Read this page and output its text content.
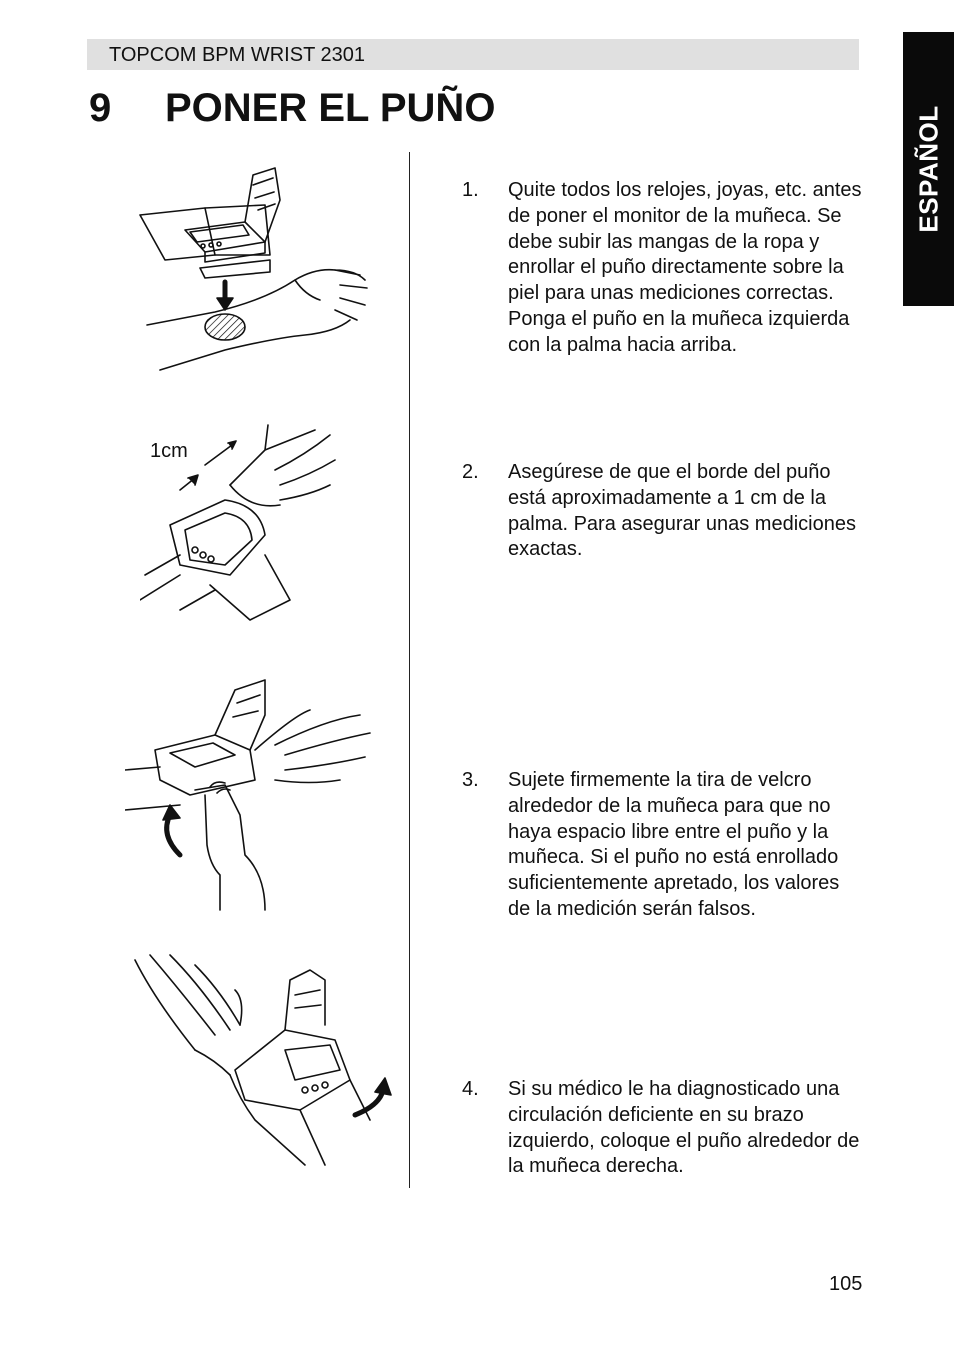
TOPCOM BPM WRIST 2301
ESPAÑOL
9 PONER EL PUÑO
1cm
1. Quite todos los relojes, joyas, etc. antes de poner el monitor de la muñeca. Se debe subir las mangas de la ropa y enrollar el puño directamente sobre la piel para unas mediciones correctas. Ponga el puño en la muñeca izquierda con la palma hacia arriba.
2. Asegúrese de que el borde del puño está aproximadamente a 1 cm de la palma. Para asegurar unas mediciones exactas.
3. Sujete firmemente la tira de velcro alrededor de la muñeca para que no haya espacio libre entre el puño y la muñeca. Si el puño no está enrollado suficientemente apretado, los valores de la medición serán falsos.
4. Si su médico le ha diagnosticado una circulación deficiente en su brazo izquierdo, coloque el puño alrededor de la muñeca derecha.
105
